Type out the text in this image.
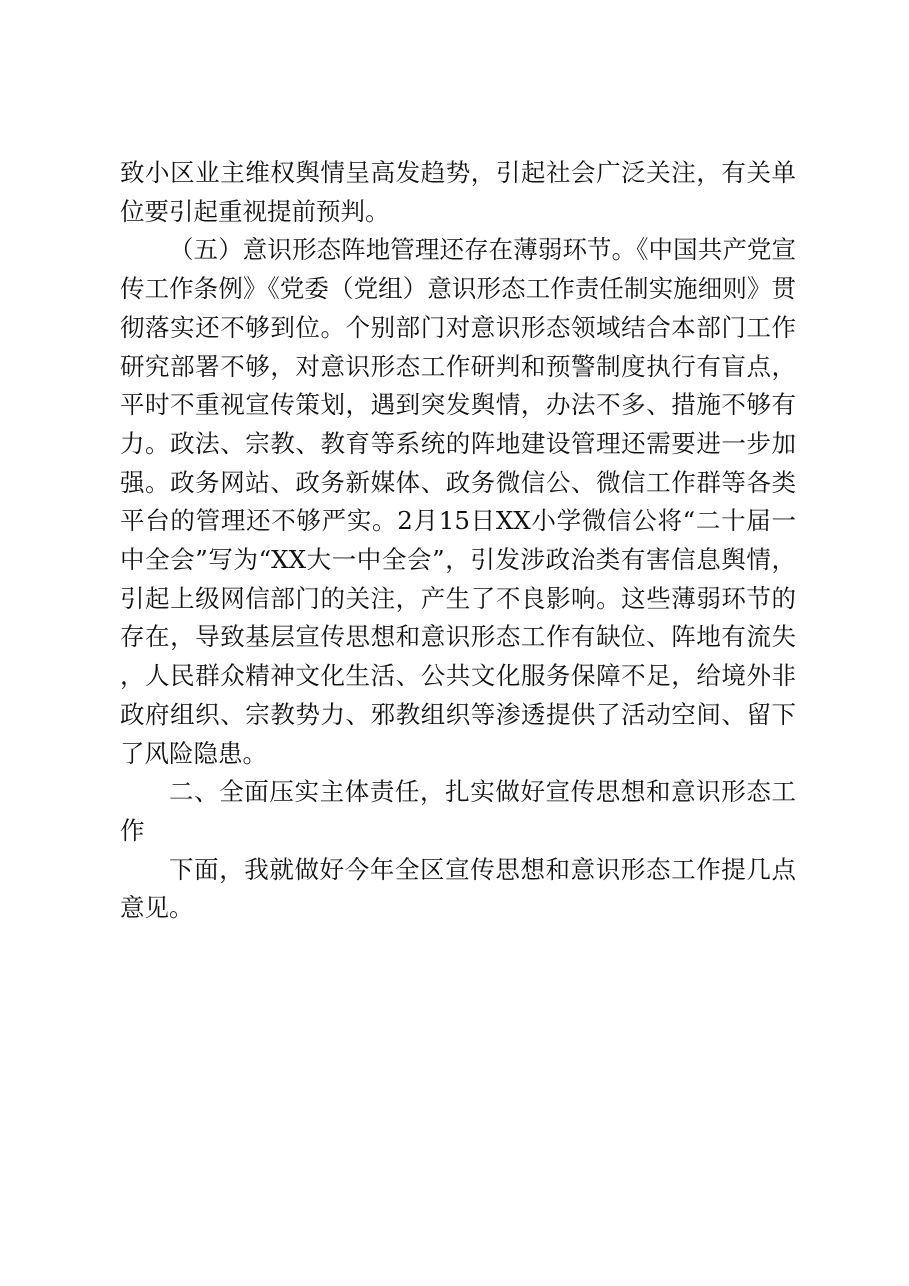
致小区业主维权舆情呈高发趋势，引起社会广泛关注，有关单位要引起重视提前预判。

（五）意识形态阵地管理还存在薄弱环节。《中国共产党宣传工作条例》《党委（党组）意识形态工作责任制实施细则》贯彻落实还不够到位。个别部门对意识形态领域结合本部门工作研究部署不够，对意识形态工作研判和预警制度执行有盲点，平时不重视宣传策划，遇到突发舆情，办法不多、措施不够有力。政法、宗教、教育等系统的阵地建设管理还需要进一步加强。政务网站、政务新媒体、政务微信公、微信工作群等各类平台的管理还不够严实。2月15日XX小学微信公将“二十届一中全会”写为“XX大一中全会”，引发涉政治类有害信息舆情，引起上级网信部门的关注，产生了不良影响。这些薄弱环节的存在，导致基层宣传思想和意识形态工作有缺位、阵地有流失，人民群众精神文化生活、公共文化服务保障不足，给境外非政府组织、宗教势力、邪教组织等渗透提供了活动空间、留下了风险隐患。

二、全面压实主体责任，扎实做好宣传思想和意识形态工作

下面，我就做好今年全区宣传思想和意识形态工作提几点意见。
